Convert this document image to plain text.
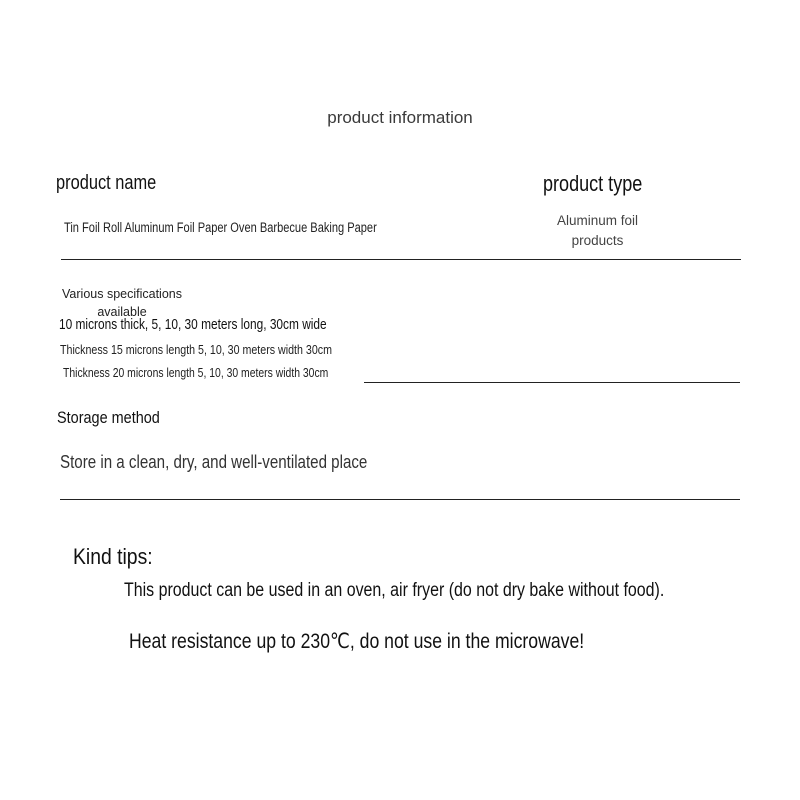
product information
product name	product type
Tin Foil Roll Aluminum Foil Paper Oven Barbecue Baking Paper	Aluminum foil products
Various specifications available
10 microns thick, 5, 10, 30 meters long, 30cm wide
Thickness 15 microns length 5, 10, 30 meters width 30cm
Thickness 20 microns length 5, 10, 30 meters width 30cm
Storage method
Store in a clean, dry, and well-ventilated place
Kind tips:
This product can be used in an oven, air fryer (do not dry bake without food).
Heat resistance up to 230℃, do not use in the microwave!
